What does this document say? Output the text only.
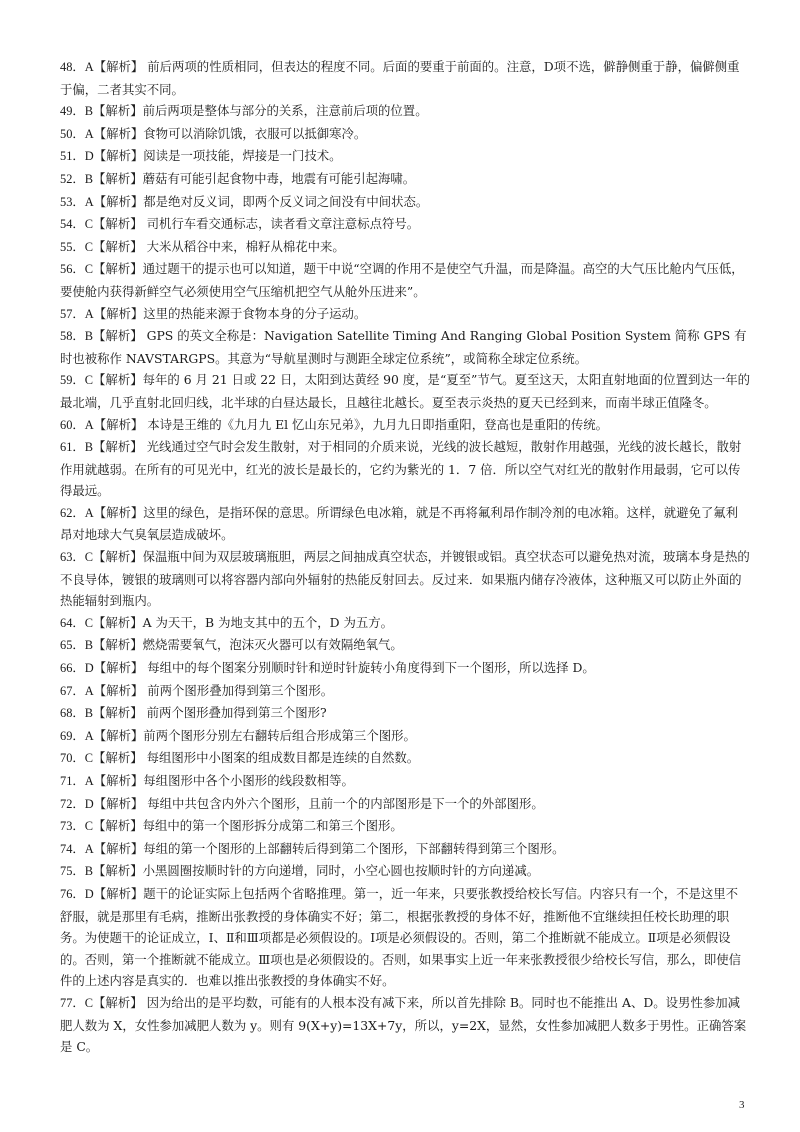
48．A【解析】 前后两项的性质相同，但表达的程度不同。后面的要重于前面的。注意，D项不选，僻静侧重于静，偏僻侧重于偏，二者其实不同。

49．B【解析】前后两项是整体与部分的关系，注意前后项的位置。

50．A【解析】食物可以消除饥饿，衣服可以抵御寒冷。

51．D【解析】阅读是一项技能，焊接是一门技术。

52．B【解析】蘑菇有可能引起食物中毒，地震有可能引起海啸。

53．A【解析】都是绝对反义词，即两个反义词之间没有中间状态。

54．C【解析】 司机行车看交通标志，读者看文章注意标点符号。

55．C【解析】 大米从稻谷中来，棉籽从棉花中来。

56．C【解析】通过题干的提示也可以知道，题干中说“空调的作用不是使空气升温，而是降温。高空的大气压比舱内气压低，要使舱内获得新鲜空气必须使用空气压缩机把空气从舱外压进来”。

57．A【解析】这里的热能来源于食物本身的分子运动。

58．B【解析】 GPS 的英文全称是：Navigation Satellite Timing And Ranging Global Position System 简称 GPS 有时也被称作 NAVSTARGPS。其意为“导航星测时与测距全球定位系统”，或简称全球定位系统。

59．C【解析】每年的 6 月 21 日或 22 日，太阳到达黄经 90 度，是“夏至”节气。夏至这天，太阳直射地面的位置到达一年的最北端，几乎直射北回归线，北半球的白昼达最长，且越往北越长。夏至表示炎热的夏天已经到来，而南半球正值隆冬。

60．A【解析】 本诗是王维的《九月九 El 忆山东兄弟》，九月九日即指重阳，登高也是重阳的传统。

61．B【解析】 光线通过空气时会发生散射，对于相同的介质来说，光线的波长越短，散射作用越强，光线的波长越长，散射作用就越弱。在所有的可见光中，红光的波长是最长的，它约为紫光的 1．7 倍．所以空气对红光的散射作用最弱，它可以传得最远。

62．A【解析】这里的绿色，是指环保的意思。所谓绿色电冰箱，就是不再将氟利昂作制冷剂的电冰箱。这样，就避免了氟利昂对地球大气臭氧层造成破坏。

63．C【解析】保温瓶中间为双层玻璃瓶胆，两层之间抽成真空状态，并镀银或铝。真空状态可以避免热对流，玻璃本身是热的不良导体，镀银的玻璃则可以将容器内部向外辐射的热能反射回去。反过来．如果瓶内储存冷液体，这种瓶又可以防止外面的热能辐射到瓶内。

64．C【解析】A 为天干，B 为地支其中的五个，D 为五方。

65．B【解析】燃烧需要氧气，泡沫灭火器可以有效隔绝氧气。

66．D【解析】 每组中的每个图案分别顺时针和逆时针旋转小角度得到下一个图形，所以选择 D。

67．A【解析】 前两个图形叠加得到第三个图形。

68．B【解析】 前两个图形叠加得到第三个图形?

69．A【解析】前两个图形分别左右翻转后组合形成第三个图形。

70．C【解析】 每组图形中小图案的组成数目都是连续的自然数。

71．A【解析】每组图形中各个小图形的线段数相等。

72．D【解析】 每组中共包含内外六个图形，且前一个的内部图形是下一个的外部图形。

73．C【解析】每组中的第一个图形拆分成第二和第三个图形。

74．A【解析】每组的第一个图形的上部翻转后得到第二个图形，下部翻转得到第三个图形。

75．B【解析】小黑圆圈按顺时针的方向递增，同时，小空心圆也按顺时针的方向递减。

76．D【解析】题干的论证实际上包括两个省略推理。第一，近一年来，只要张教授给校长写信。内容只有一个，不是这里不舒服，就是那里有毛病，推断出张教授的身体确实不好；第二，根据张教授的身体不好，推断他不宜继续担任校长助理的职务。为使题干的论证成立，Ⅰ、Ⅱ和Ⅲ项都是必须假设的。Ⅰ项是必须假设的。否则，第二个推断就不能成立。Ⅱ项是必须假设的。否则，第一个推断就不能成立。Ⅲ项也是必须假设的。否则，如果事实上近一年来张教授很少给校长写信，那么，即使信件的上述内容是真实的．也难以推出张教授的身体确实不好。

77．C【解析】 因为给出的是平均数，可能有的人根本没有减下来，所以首先排除 B。同时也不能推出 A、D。设男性参加减肥人数为 X，女性参加减肥人数为 y。则有 9(X+y)=13X+7y，所以，y=2X，显然，女性参加减肥人数多于男性。正确答案是 C。

3
